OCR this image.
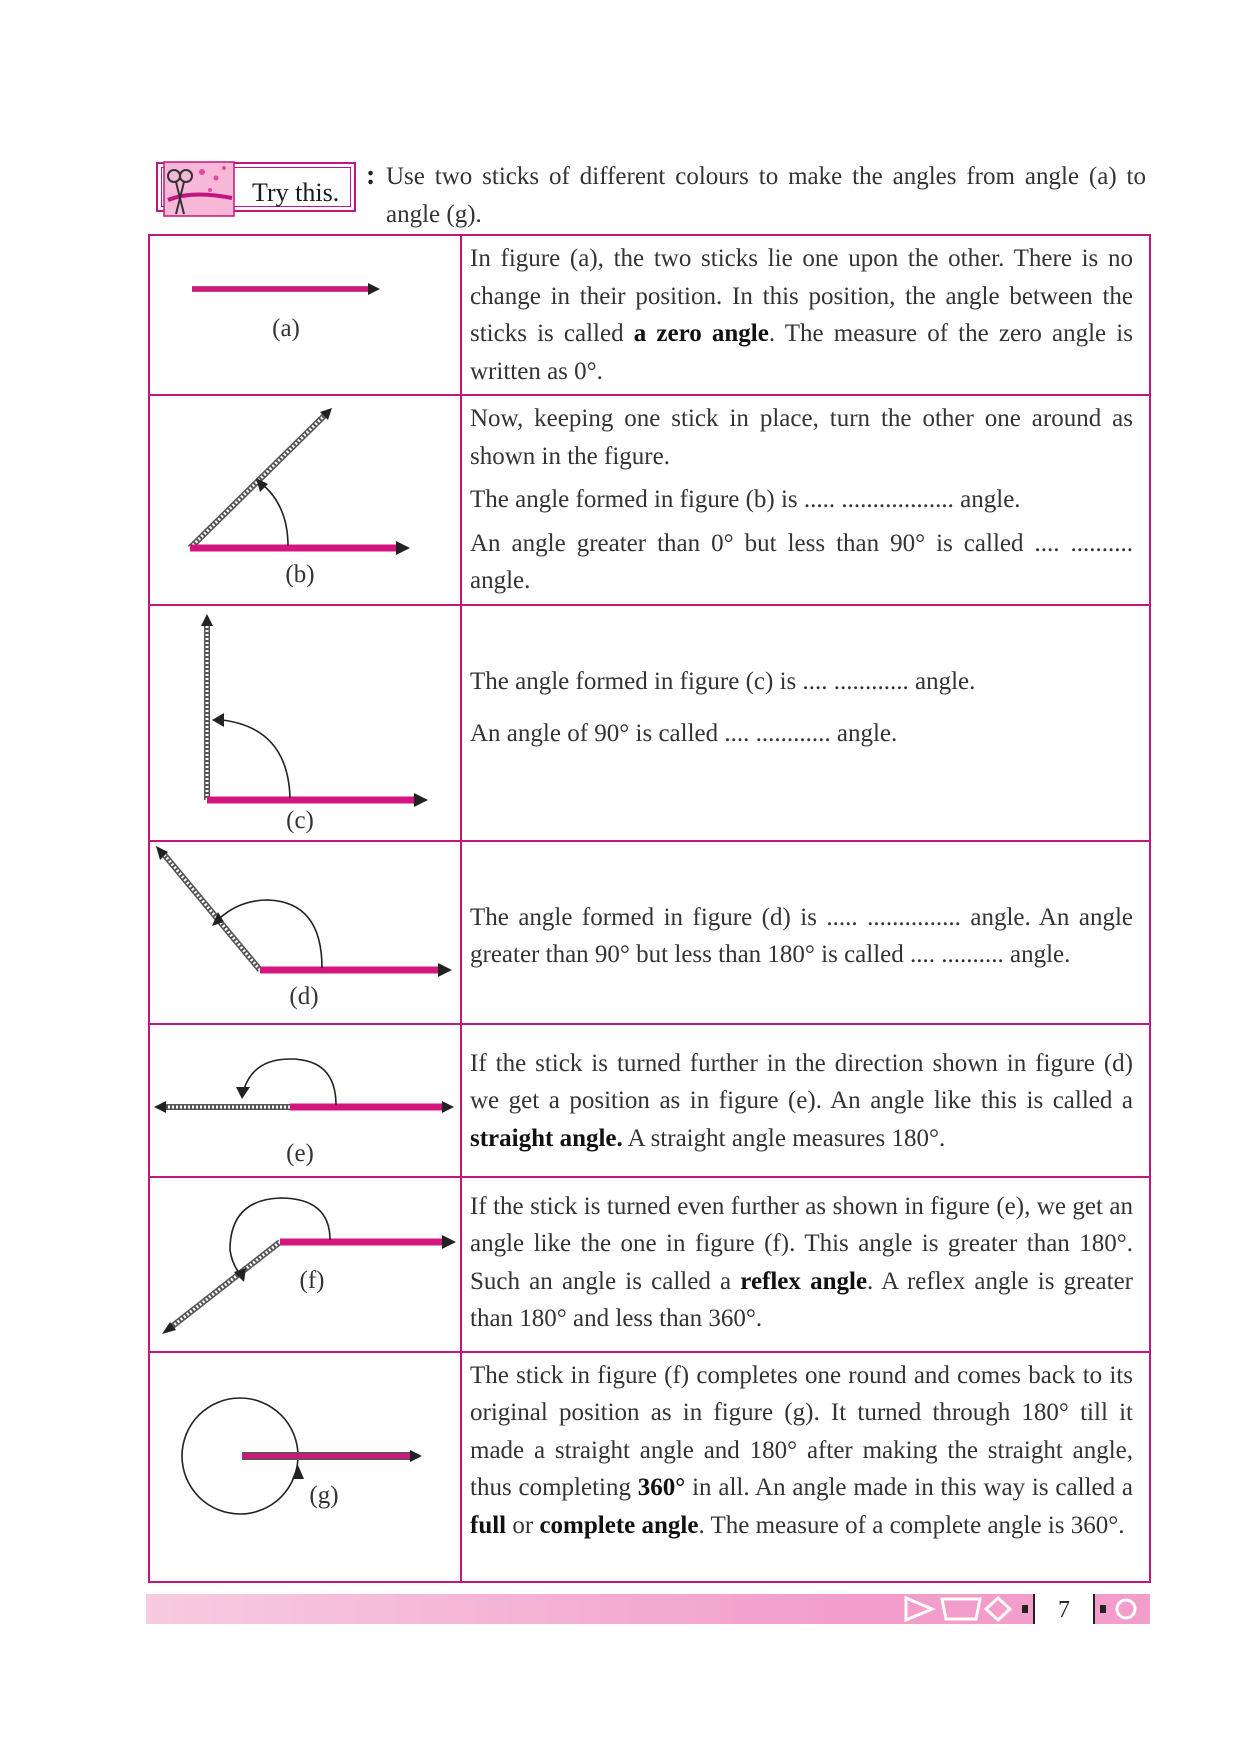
Try this.
: Use two sticks of different colours to make the angles from angle (a) to angle (g).
(a)	In figure (a), the two sticks lie one upon the other. There is no change in their position. In this position, the angle between the sticks is called a zero angle. The measure of the zero angle is written as 0°.

(b)	Now, keeping one stick in place, turn the other one around as shown in the figure.

The angle formed in figure (b) is ..... .................. angle.

An angle greater than 0° but less than 90° is called .... .......... angle.

(c)	The angle formed in figure (c) is .... ............ angle.

An angle of 90° is called .... ............ angle.

(d)	The angle formed in figure (d) is ..... ............... angle. An angle greater than 90° but less than 180° is called .... .......... angle.

(e)	If the stick is turned further in the direction shown in figure (d) we get a position as in figure (e). An angle like this is called a straight angle. A straight angle measures 180°.

(f)	If the stick is turned even further as shown in figure (e), we get an angle like the one in figure (f). This angle is greater than 180°. Such an angle is called a reflex angle. A reflex angle is greater than 180° and less than 360°.

(g)	The stick in figure (f) completes one round and comes back to its original position as in figure (g). It turned through 180° till it made a straight angle and 180° after making the straight angle, thus completing 360° in all. An angle made in this way is called a full or complete angle. The measure of a complete angle is 360°.

7
